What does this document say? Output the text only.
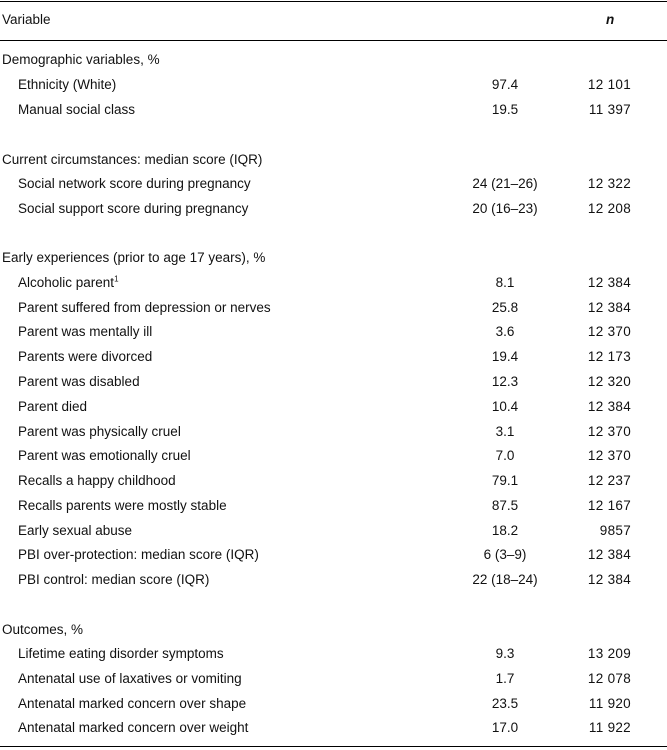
Variable	n
Demographic variables, %
Ethnicity (White)	97.4	12 101
Manual social class	19.5	11 397
Current circumstances: median score (IQR)
Social network score during pregnancy	24 (21–26)	12 322
Social support score during pregnancy	20 (16–23)	12 208
Early experiences (prior to age 17 years), %
Alcoholic parent$^1$	8.1	12 384
Parent suffered from depression or nerves	25.8	12 384
Parent was mentally ill	3.6	12 370
Parents were divorced	19.4	12 173
Parent was disabled	12.3	12 320
Parent died	10.4	12 384
Parent was physically cruel	3.1	12 370
Parent was emotionally cruel	7.0	12 370
Recalls a happy childhood	79.1	12 237
Recalls parents were mostly stable	87.5	12 167
Early sexual abuse	18.2	9857
PBI over-protection: median score (IQR)	6 (3–9)	12 384
PBI control: median score (IQR)	22 (18–24)	12 384
Outcomes, %
Lifetime eating disorder symptoms	9.3	13 209
Antenatal use of laxatives or vomiting	1.7	12 078
Antenatal marked concern over shape	23.5	11 920
Antenatal marked concern over weight	17.0	11 922
